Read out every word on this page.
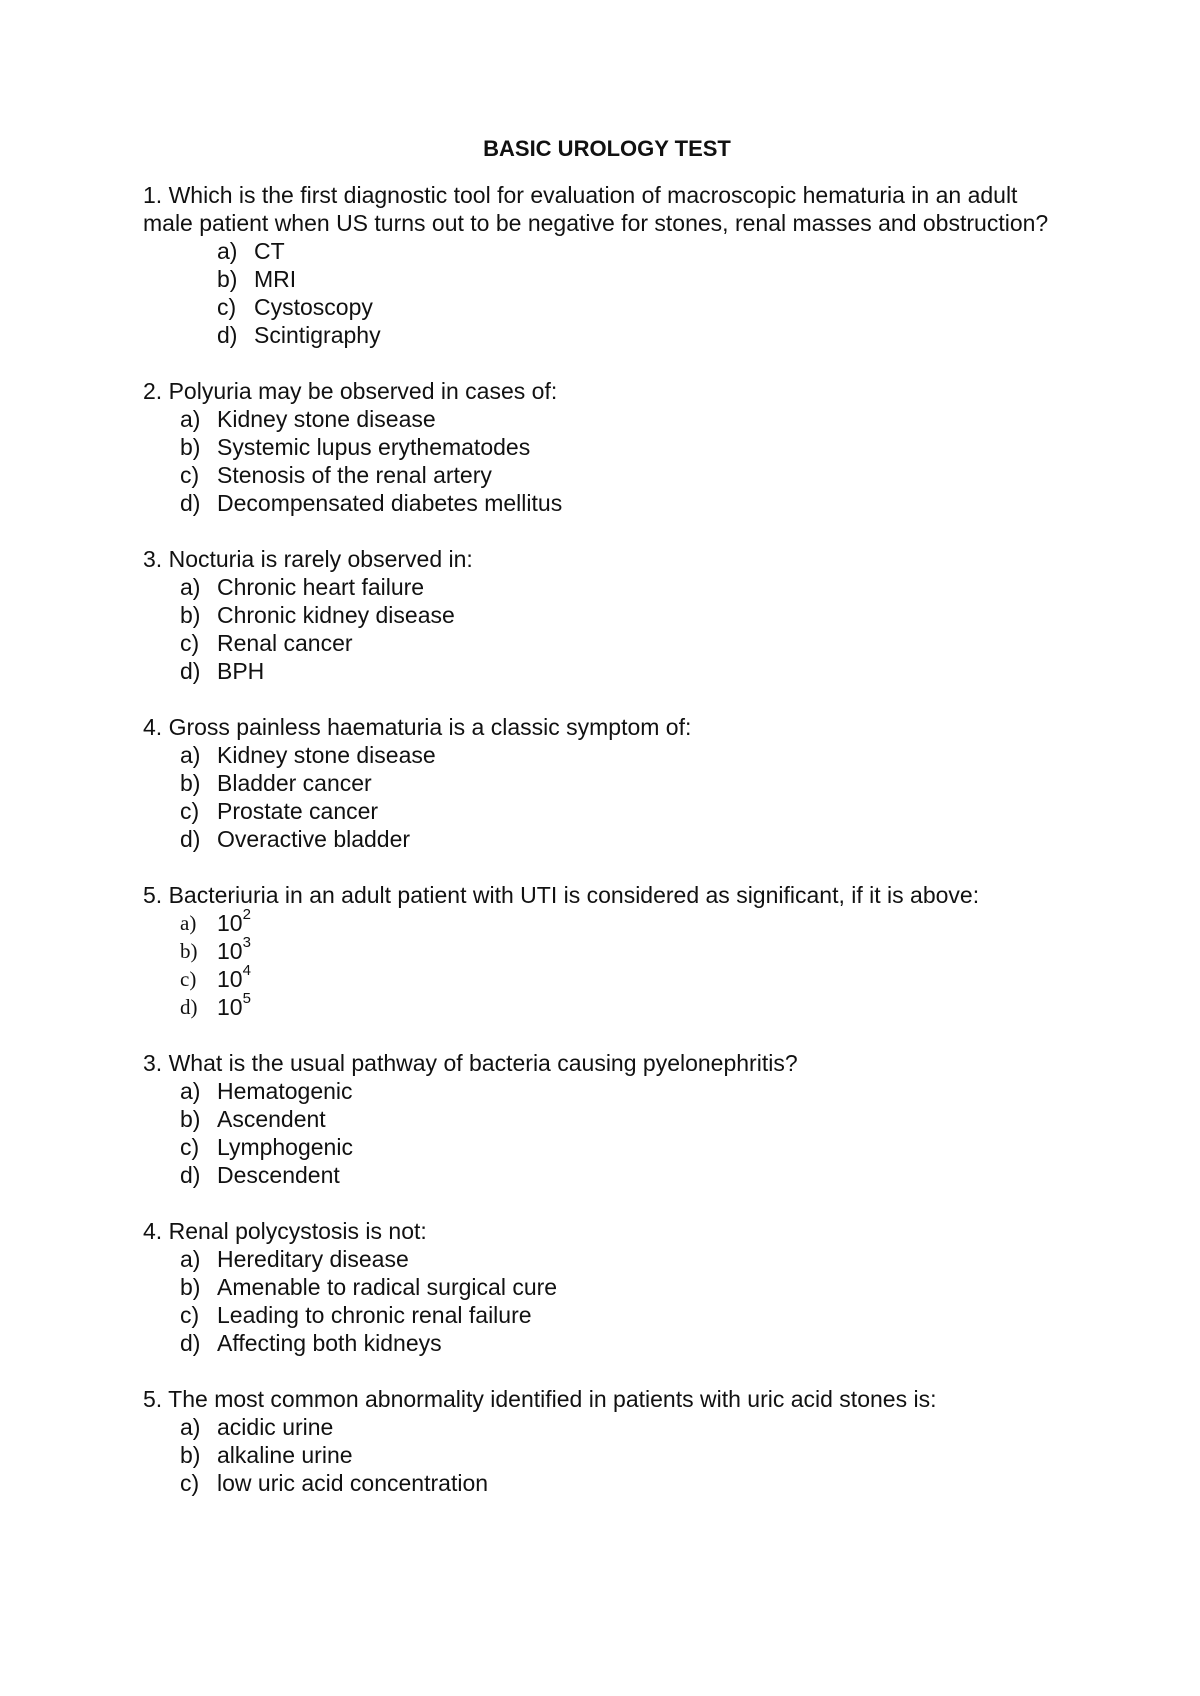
BASIC UROLOGY TEST

1. Which is the first diagnostic tool for evaluation of macroscopic hematuria in an adult male patient when US turns out to be negative for stones, renal masses and obstruction?

a) CT
b) MRI
c) Cystoscopy
d) Scintigraphy

2. Polyuria may be observed in cases of:

a) Kidney stone disease
b) Systemic lupus erythematodes
c) Stenosis of the renal artery
d) Decompensated diabetes mellitus

3. Nocturia is rarely observed in:

a) Chronic heart failure
b) Chronic kidney disease
c) Renal cancer
d) BPH

4. Gross painless haematuria is a classic symptom of:

a) Kidney stone disease
b) Bladder cancer
c) Prostate cancer
d) Overactive bladder

5. Bacteriuria in an adult patient with UTI is considered as significant, if it is above:

a) $10^2$
b) $10^3$
c) $10^4$
d) $10^5$

3. What is the usual pathway of bacteria causing pyelonephritis?

a) Hematogenic
b) Ascendent
c) Lymphogenic
d) Descendent

4. Renal polycystosis is not:

a) Hereditary disease
b) Amenable to radical surgical cure
c) Leading to chronic renal failure
d) Affecting both kidneys

5. The most common abnormality identified in patients with uric acid stones is:

a) acidic urine
b) alkaline urine
c) low uric acid concentration
